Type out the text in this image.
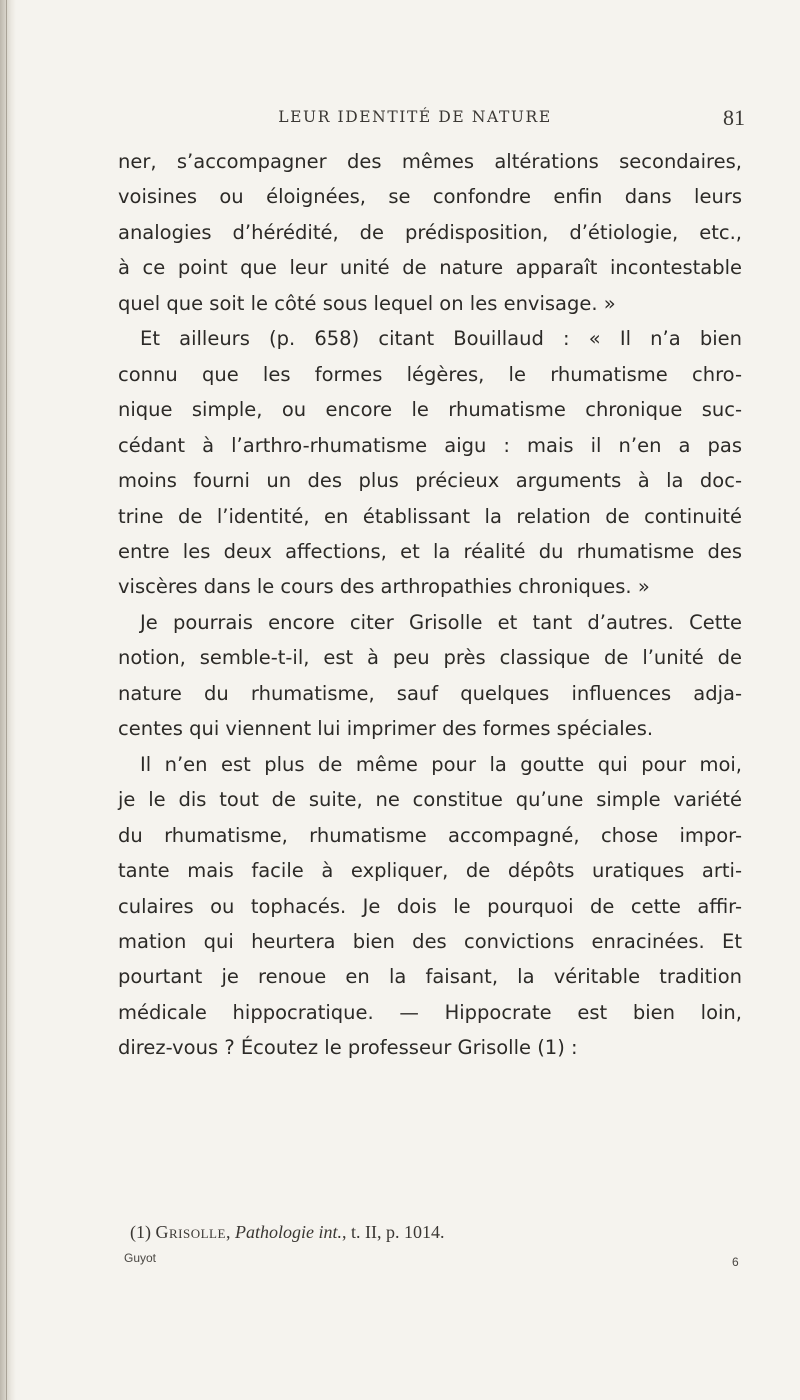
LEUR IDENTITÉ DE NATURE	81

ner, s’accompagner des mêmes altérations secondaires,
voisines ou éloignées, se confondre enfin dans leurs
analogies d’hérédité, de prédisposition, d’étiologie, etc.,
à ce point que leur unité de nature apparaît incontestable
quel que soit le côté sous lequel on les envisage. »

Et ailleurs (p. 658) citant Bouillaud : « Il n’a bien
connu que les formes légères, le rhumatisme chro-
nique simple, ou encore le rhumatisme chronique suc-
cédant à l’arthro-rhumatisme aigu : mais il n’en a pas
moins fourni un des plus précieux arguments à la doc-
trine de l’identité, en établissant la relation de continuité
entre les deux affections, et la réalité du rhumatisme des
viscères dans le cours des arthropathies chroniques. »

Je pourrais encore citer Grisolle et tant d’autres. Cette
notion, semble-t-il, est à peu près classique de l’unité de
nature du rhumatisme, sauf quelques influences adja-
centes qui viennent lui imprimer des formes spéciales.

Il n’en est plus de même pour la goutte qui pour moi,
je le dis tout de suite, ne constitue qu’une simple variété
du rhumatisme, rhumatisme accompagné, chose impor-
tante mais facile à expliquer, de dépôts uratiques arti-
culaires ou tophacés. Je dois le pourquoi de cette affir-
mation qui heurtera bien des convictions enracinées. Et
pourtant je renoue en la faisant, la véritable tradition
médicale hippocratique. — Hippocrate est bien loin,
direz-vous ? Écoutez le professeur Grisolle (1) :

(1) Grisolle, Pathologie int., t. II, p. 1014.
Guyot	6
